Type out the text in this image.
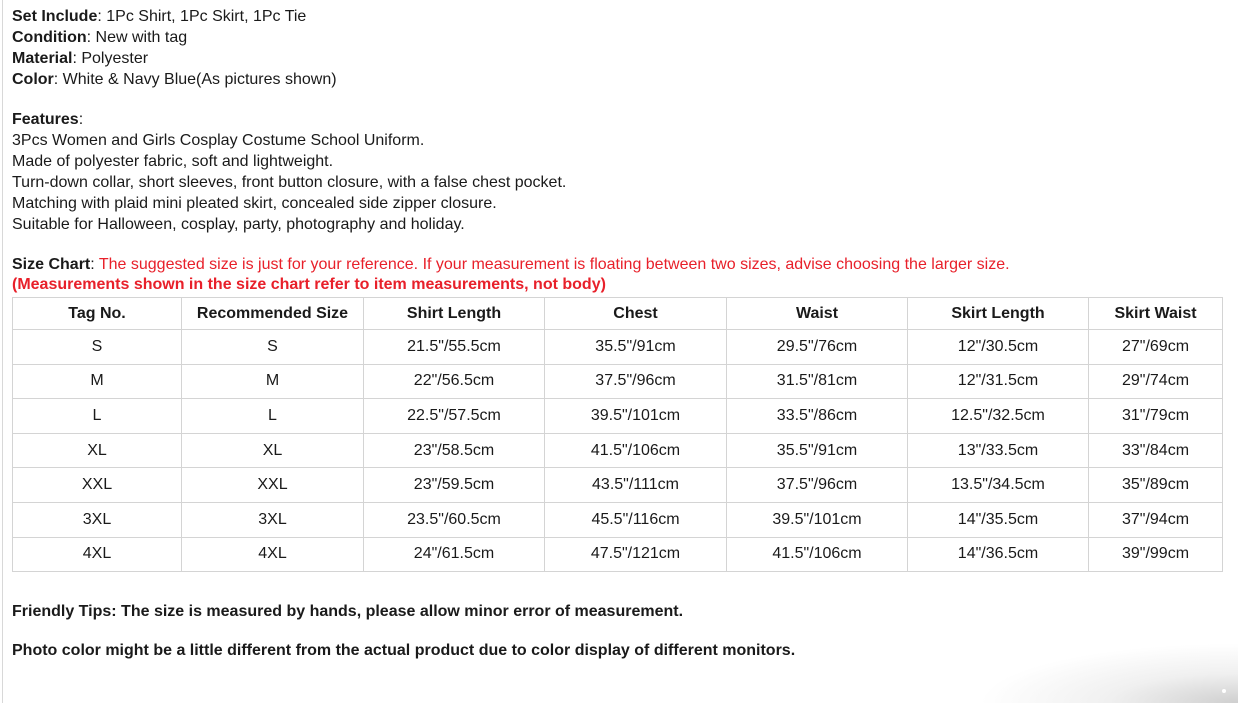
Set Include: 1Pc Shirt, 1Pc Skirt, 1Pc Tie
Condition: New with tag
Material: Polyester
Color: White & Navy Blue(As pictures shown)
Features:
3Pcs Women and Girls Cosplay Costume School Uniform.
Made of polyester fabric, soft and lightweight.
Turn-down collar, short sleeves, front button closure, with a false chest pocket.
Matching with plaid mini pleated skirt, concealed side zipper closure.
Suitable for Halloween, cosplay, party, photography and holiday.
Size Chart: The suggested size is just for your reference. If your measurement is floating between two sizes, advise choosing the larger size.
(Measurements shown in the size chart refer to item measurements, not body)
Tag No.	Recommended Size	Shirt Length	Chest	Waist	Skirt Length	Skirt Waist
S	S	21.5"/55.5cm	35.5"/91cm	29.5"/76cm	12"/30.5cm	27"/69cm
M	M	22"/56.5cm	37.5"/96cm	31.5"/81cm	12"/31.5cm	29"/74cm
L	L	22.5"/57.5cm	39.5"/101cm	33.5"/86cm	12.5"/32.5cm	31"/79cm
XL	XL	23"/58.5cm	41.5"/106cm	35.5"/91cm	13"/33.5cm	33"/84cm
XXL	XXL	23"/59.5cm	43.5"/111cm	37.5"/96cm	13.5"/34.5cm	35"/89cm
3XL	3XL	23.5"/60.5cm	45.5"/116cm	39.5"/101cm	14"/35.5cm	37"/94cm
4XL	4XL	24"/61.5cm	47.5"/121cm	41.5"/106cm	14"/36.5cm	39"/99cm
Friendly Tips: The size is measured by hands, please allow minor error of measurement.
Photo color might be a little different from the actual product due to color display of different monitors.
